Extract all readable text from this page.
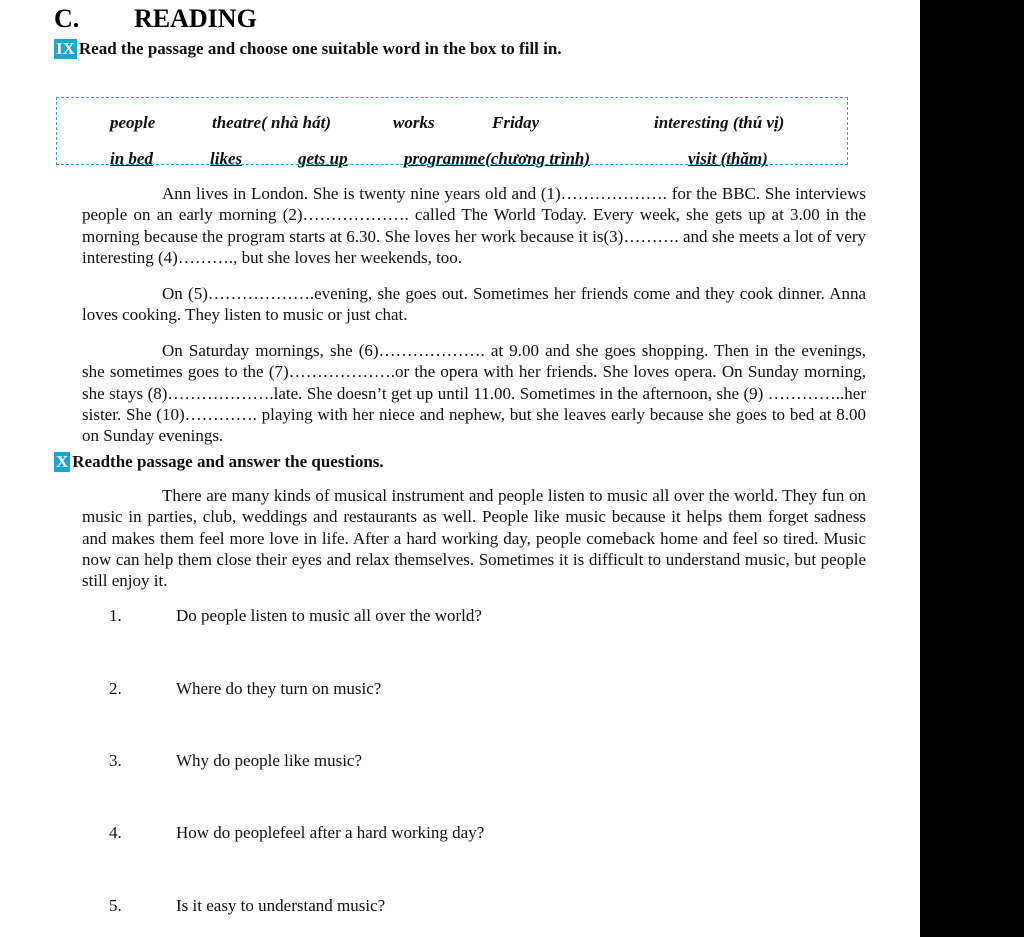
C. READING
IX Read the passage and choose one suitable word in the box to fill in.
people	theatre( nhà hát)	works	Friday	interesting (thú vị)
in bed	likes	gets up	programme(chương trình)	visit (thăm)

Ann lives in London. She is twenty nine years old and (1)………………. for the BBC. She interviews people on an early morning (2)………………. called The World Today. Every week, she gets up at 3.00 in the morning because the program starts at 6.30. She loves her work because it is(3)………. and she meets a lot of very interesting (4)………., but she loves her weekends, too.

On (5)……………….evening, she goes out. Sometimes her friends come and they cook dinner. Anna loves cooking. They listen to music or just chat.

On Saturday mornings, she (6)………………. at 9.00 and she goes shopping. Then in the evenings, she sometimes goes to the (7)……………….or the opera with her friends. She loves opera. On Sunday morning, she stays (8)……………….late. She doesn’t get up until 11.00. Sometimes in the afternoon, she (9) …………..her sister. She (10)…………. playing with her niece and nephew, but she leaves early because she goes to bed at 8.00 on Sunday evenings.

X Readthe passage and answer the questions.

There are many kinds of musical instrument and people listen to music all over the world. They fun on music in parties, club, weddings and restaurants as well. People like music because it helps them forget sadness and makes them feel more love in life. After a hard working day, people comeback home and feel so tired. Music now can help them close their eyes and relax themselves. Sometimes it is difficult to understand music, but people still enjoy it.

1.	Do people listen to music all over the world?
2.	Where do they turn on music?
3.	Why do people like music?
4.	How do peoplefeel after a hard working day?
5.	Is it easy to understand music?
